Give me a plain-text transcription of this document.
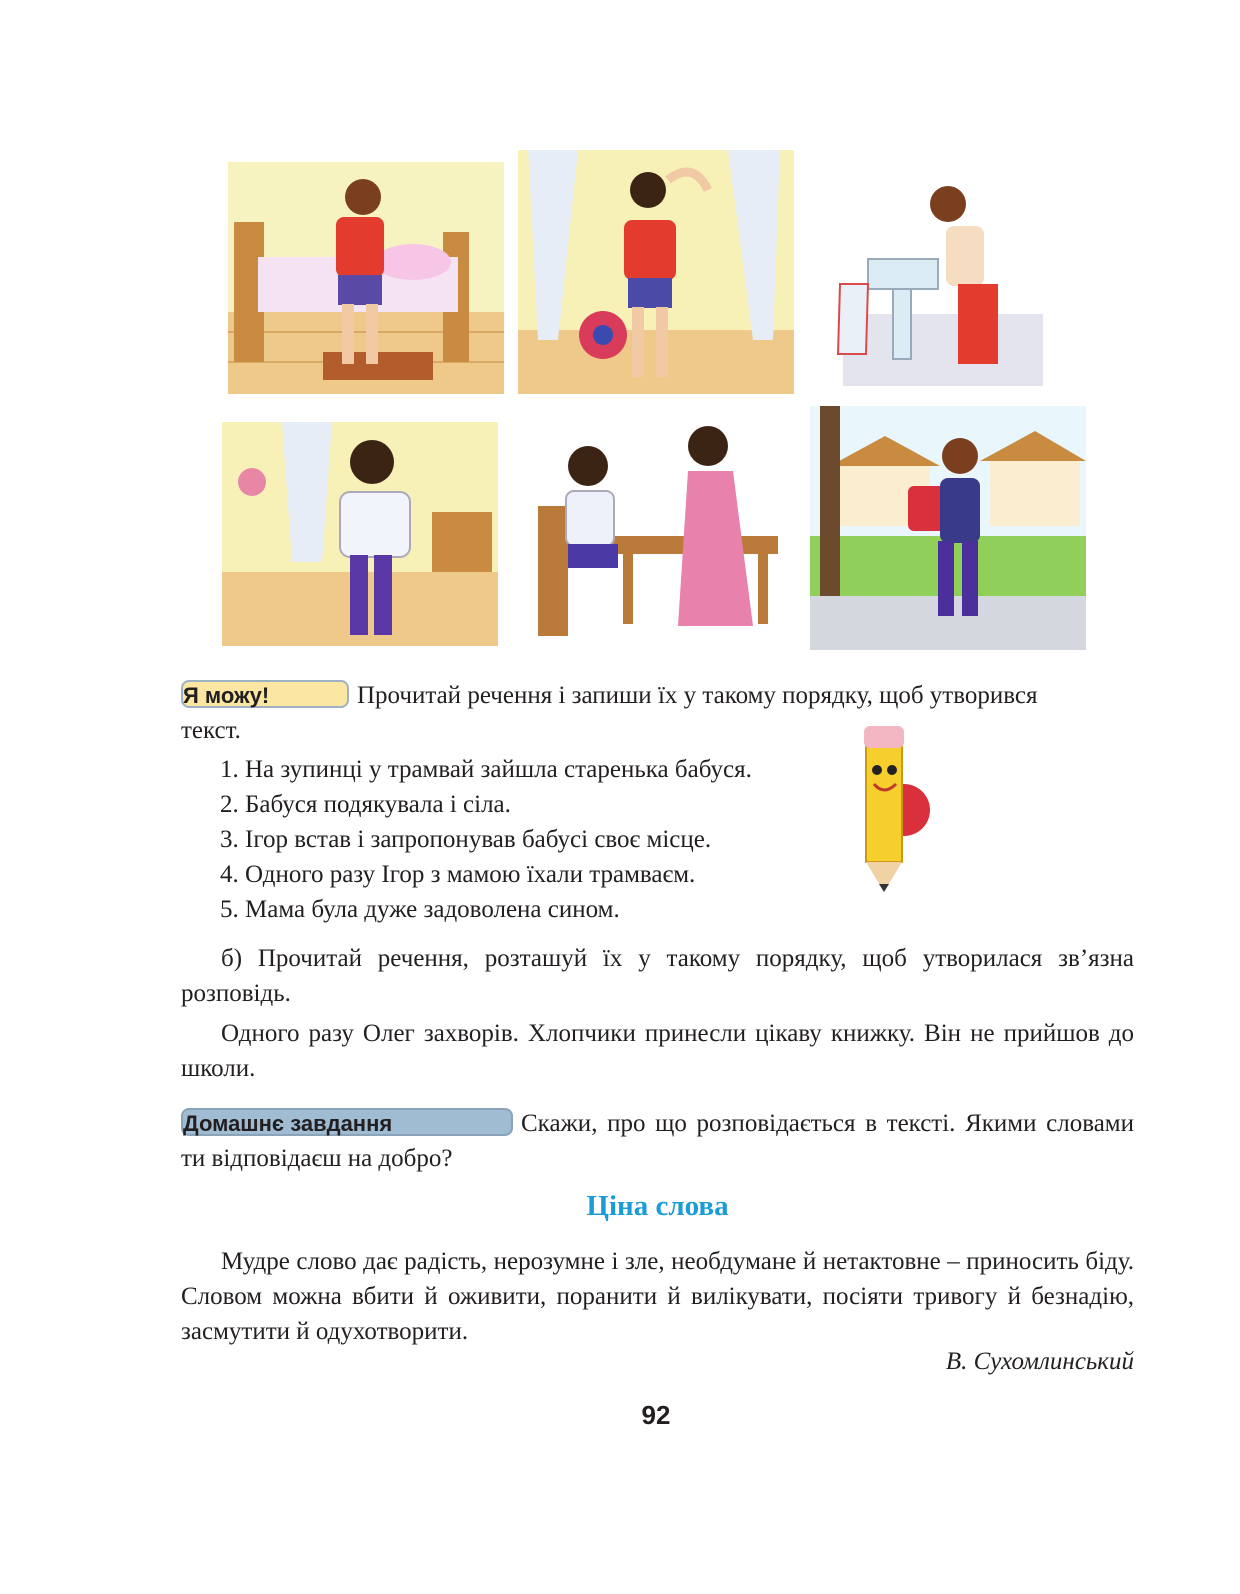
Я можу!	Прочитай речення і запиши їх у такому порядку, щоб утворився
текст.
1. На зупинці у трамвай зайшла старенька бабуся.
2. Бабуся подякувала і сіла.
3. Ігор встав і запропонував бабусі своє місце.
4. Одного разу Ігор з мамою їхали трамваєм.
5. Мама була дуже задоволена сином.
б) Прочитай речення, розташуй їх у такому порядку, щоб утворилася зв’язна розповідь.
Одного разу Олег захворів. Хлопчики принесли цікаву книжку. Він не прийшов до школи.
Домашнє завдання	Скажи, про що розповідається в тексті. Якими словами ти відповідаєш на добро?
Ціна слова
Мудре слово дає радість, нерозумне і зле, необдумане й нетактовне – приносить біду. Словом можна вбити й оживити, поранити й вилікувати, посіяти тривогу й безнадію, засмутити й одухотворити.
В. Сухомлинський
92
